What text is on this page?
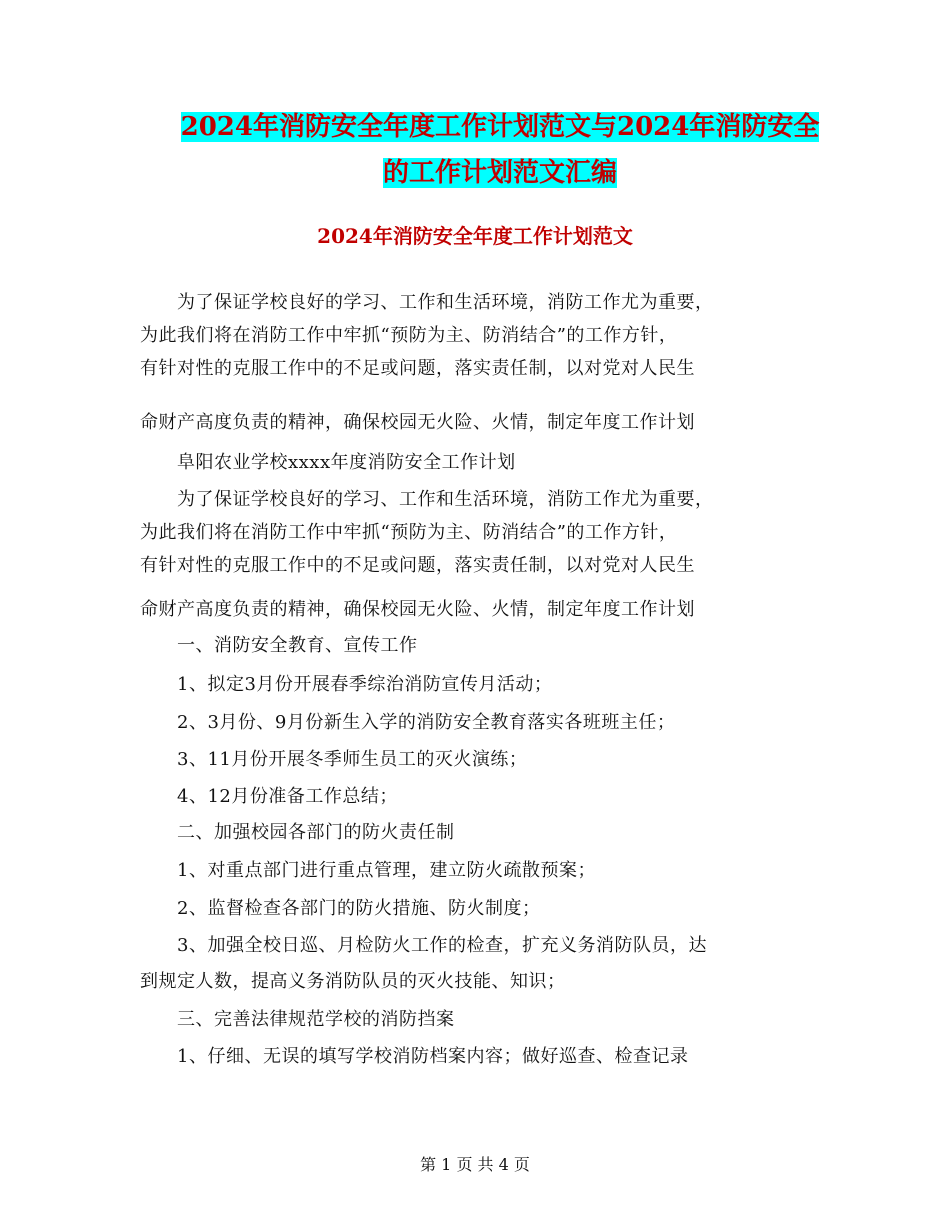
2024年消防安全年度工作计划范文与2024年消防安全
的工作计划范文汇编
2024年消防安全年度工作计划范文
　　为了保证学校良好的学习、工作和生活环境，消防工作尤为重要，
为此我们将在消防工作中牢抓“预防为主、防消结合”的工作方针，
有针对性的克服工作中的不足或问题，落实责任制，以对党对人民生
命财产高度负责的精神，确保校园无火险、火情，制定年度工作计划
　　阜阳农业学校xxxx年度消防安全工作计划
　　为了保证学校良好的学习、工作和生活环境，消防工作尤为重要，
为此我们将在消防工作中牢抓“预防为主、防消结合”的工作方针，
有针对性的克服工作中的不足或问题，落实责任制，以对党对人民生
命财产高度负责的精神，确保校园无火险、火情，制定年度工作计划
　　一、消防安全教育、宣传工作
　　1、拟定3月份开展春季综治消防宣传月活动；
　　2、3月份、9月份新生入学的消防安全教育落实各班班主任；
　　3、11月份开展冬季师生员工的灭火演练；
　　4、12月份准备工作总结；
　　二、加强校园各部门的防火责任制
　　1、对重点部门进行重点管理，建立防火疏散预案；
　　2、监督检查各部门的防火措施、防火制度；
　　3、加强全校日巡、月检防火工作的检查，扩充义务消防队员，达
到规定人数，提高义务消防队员的灭火技能、知识；
　　三、完善法律规范学校的消防挡案
　　1、仔细、无误的填写学校消防档案内容；做好巡查、检查记录
第 1 页 共 4 页
